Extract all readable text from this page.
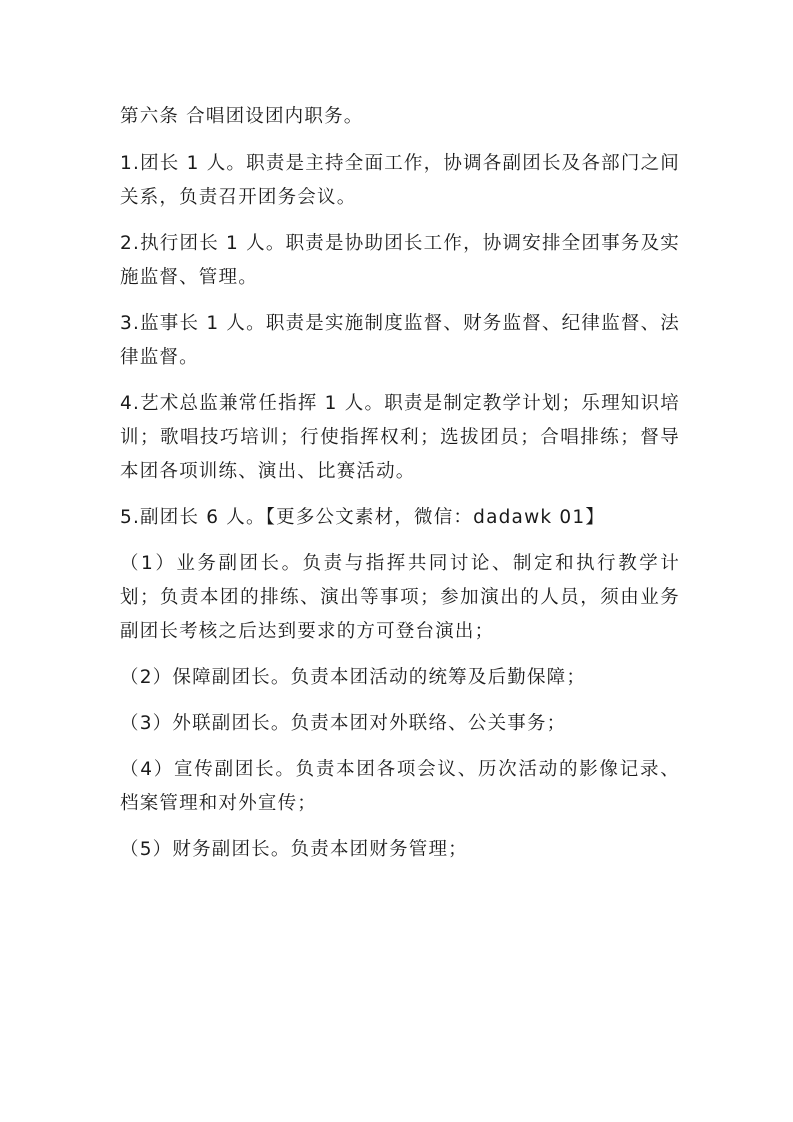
第六条 合唱团设团内职务。

1.团长 1 人。职责是主持全面工作，协调各副团长及各部门之间关系，负责召开团务会议。

2.执行团长 1 人。职责是协助团长工作，协调安排全团事务及实施监督、管理。

3.监事长 1 人。职责是实施制度监督、财务监督、纪律监督、法律监督。

4.艺术总监兼常任指挥 1 人。职责是制定教学计划；乐理知识培训；歌唱技巧培训；行使指挥权利；选拔团员；合唱排练；督导本团各项训练、演出、比赛活动。

5.副团长 6 人。【更多公文素材，微信：dadawk 01】

（1）业务副团长。负责与指挥共同讨论、制定和执行教学计划；负责本团的排练、演出等事项；参加演出的人员，须由业务副团长考核之后达到要求的方可登台演出；

（2）保障副团长。负责本团活动的统筹及后勤保障；

（3）外联副团长。负责本团对外联络、公关事务；

（4）宣传副团长。负责本团各项会议、历次活动的影像记录、档案管理和对外宣传；

（5）财务副团长。负责本团财务管理；
